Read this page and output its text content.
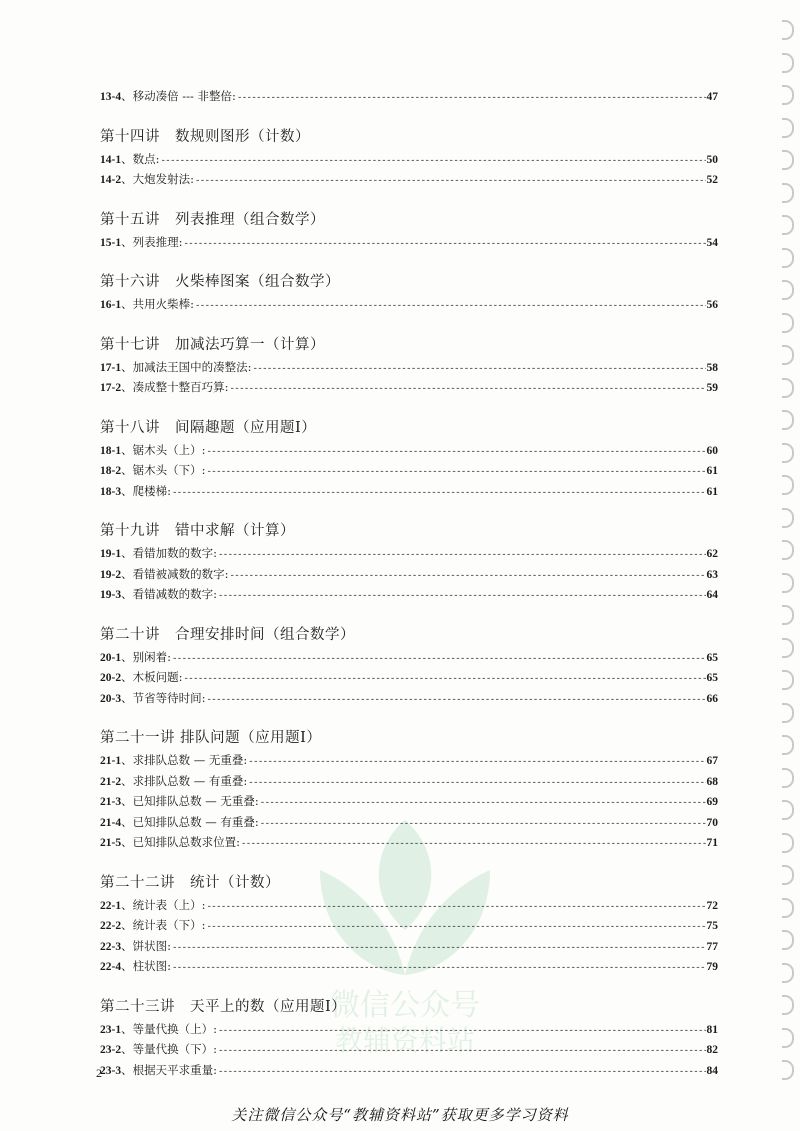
微信公众号
教辅资料站
13-4、移动凑倍 --- 非整倍: -----	47
第十四讲　数规则图形（计数）
14-1、数点: -----	50
14-2、大炮发射法: -----	52
第十五讲　列表推理（组合数学）
15-1、列表推理: -----	54
第十六讲　火柴棒图案（组合数学）
16-1、共用火柴棒: -----	56
第十七讲　加减法巧算一（计算）
17-1、加减法王国中的凑整法: -----	58
17-2、凑成整十整百巧算: -----	59
第十八讲　间隔趣题（应用题Ⅰ）
18-1、锯木头（上）: -----	60
18-2、锯木头（下）: -----	61
18-3、爬楼梯: -----	61
第十九讲　错中求解（计算）
19-1、看错加数的数字: -----	62
19-2、看错被减数的数字: -----	63
19-3、看错减数的数字: -----	64
第二十讲　合理安排时间（组合数学）
20-1、别闲着: -----	65
20-2、木板问题: -----	65
20-3、节省等待时间: -----	66
第二十一讲 排队问题（应用题Ⅰ）
21-1、求排队总数 — 无重叠: -----	67
21-2、求排队总数 — 有重叠: -----	68
21-3、已知排队总数 — 无重叠: -----	69
21-4、已知排队总数 — 有重叠: -----	70
21-5、已知排队总数求位置: -----	71
第二十二讲　统计（计数）
22-1、统计表（上）: -----	72
22-2、统计表（下）: -----	75
22-3、饼状图: -----	77
22-4、柱状图: -----	79
第二十三讲　天平上的数（应用题Ⅰ）
23-1、等量代换（上）: -----	81
23-2、等量代换（下）: -----	82
23-3、根据天平求重量: -----	84
2
关注微信公众号“教辅资料站”获取更多学习资料
